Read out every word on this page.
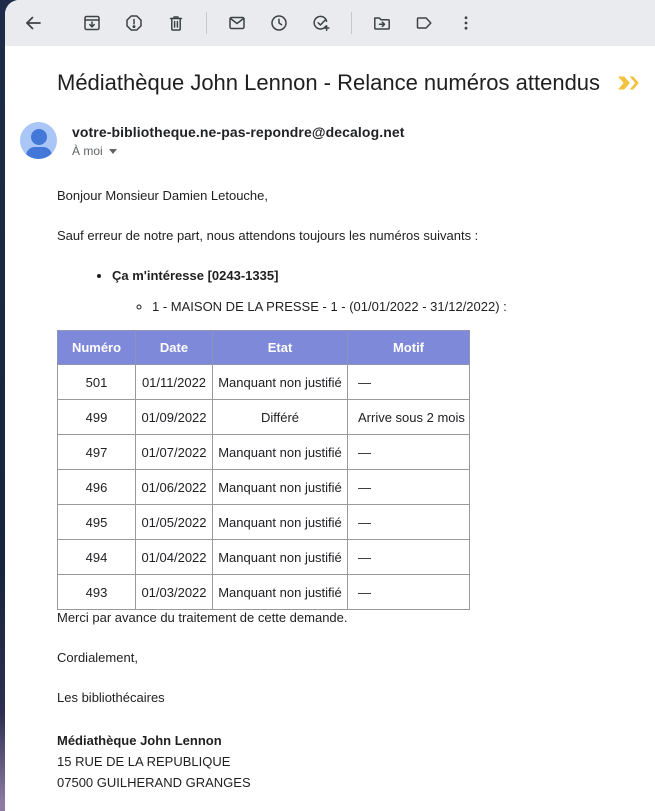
Médiathèque John Lennon - Relance numéros attendus
votre-bibliotheque.ne-pas-repondre@decalog.net
À moi

Bonjour Monsieur Damien Letouche,

Sauf erreur de notre part, nous attendons toujours les numéros suivants :

• Ça m'intéresse [0243-1335]
◦ 1 - MAISON DE LA PRESSE - 1 - (01/01/2022 - 31/12/2022) :
Numéro	Date	Etat	Motif
501	01/11/2022	Manquant non justifié	—
499	01/09/2022	Différé	Arrive sous 2 mois
497	01/07/2022	Manquant non justifié	—
496	01/06/2022	Manquant non justifié	—
495	01/05/2022	Manquant non justifié	—
494	01/04/2022	Manquant non justifié	—
493	01/03/2022	Manquant non justifié	—

Merci par avance du traitement de cette demande.

Cordialement,

Les bibliothécaires

Médiathèque John Lennon
15 RUE DE LA REPUBLIQUE
07500 GUILHERAND GRANGES
